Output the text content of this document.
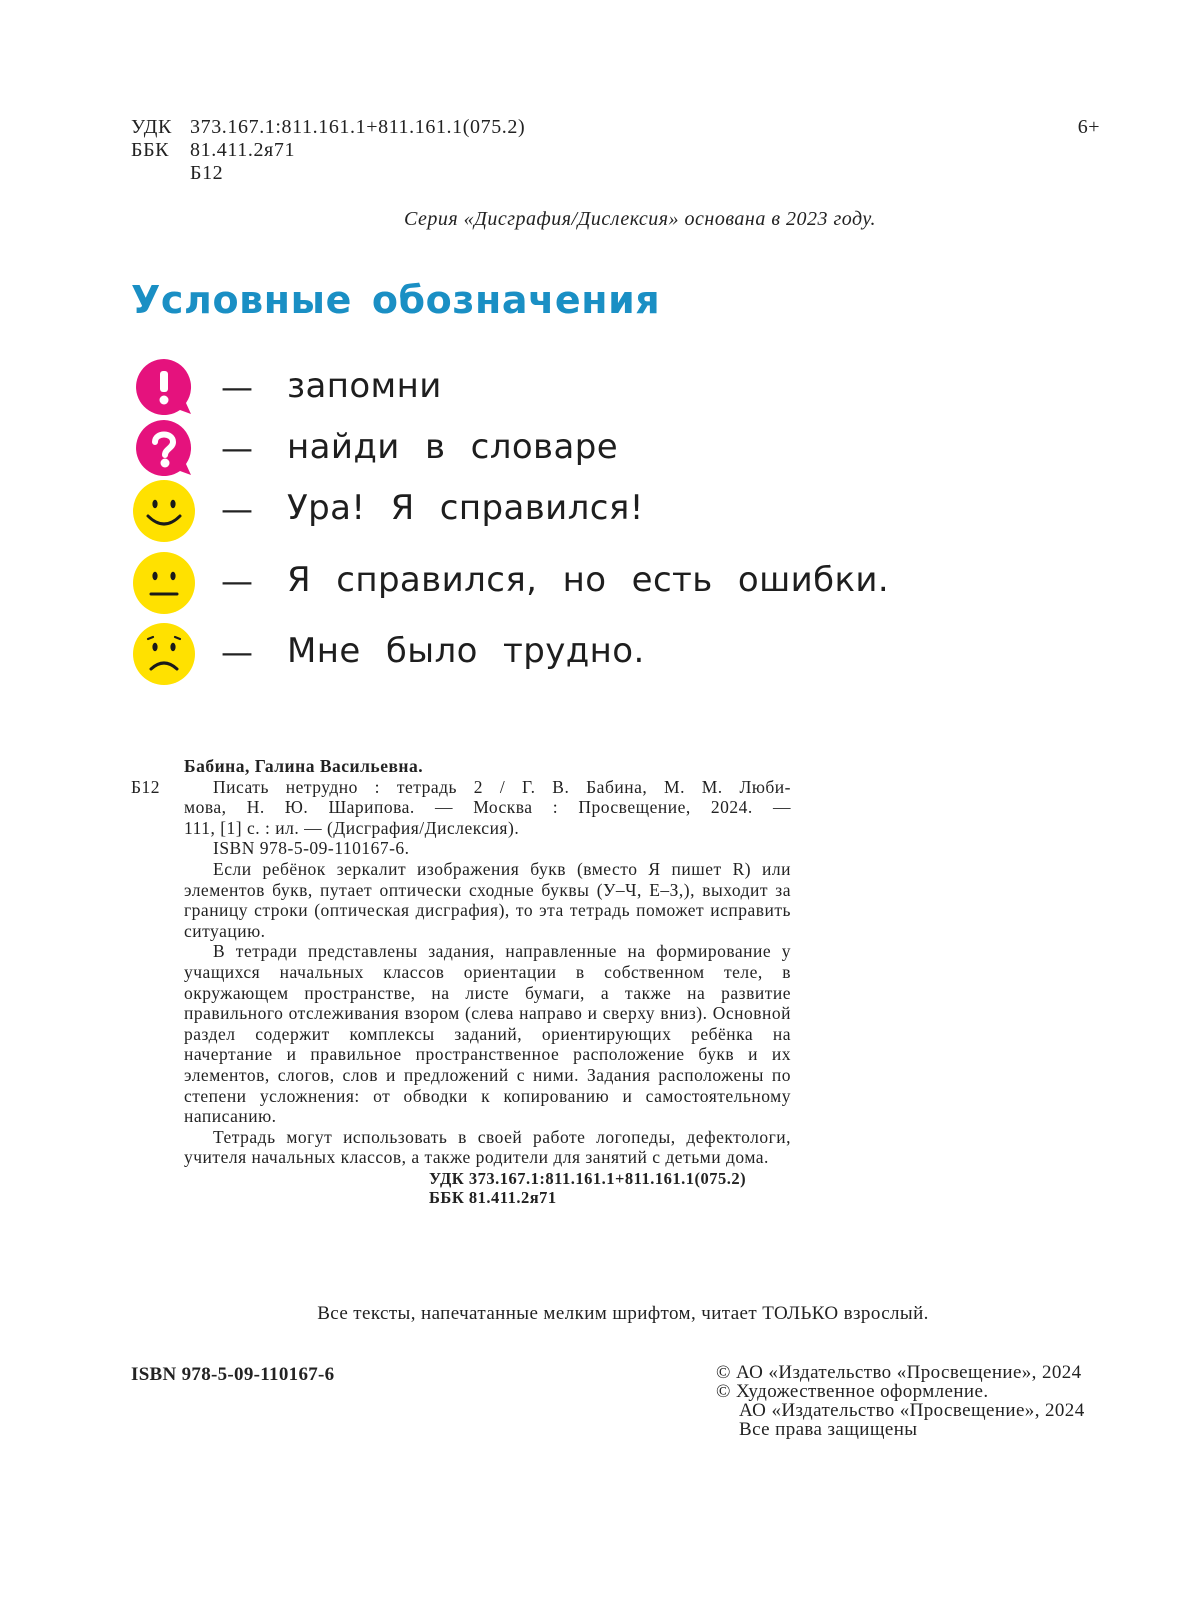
УДК 373.167.1:811.161.1+811.161.1(075.2)
ББК 81.411.2я71
Б12
6+
Серия «Дисграфия/Дислексия» основана в 2023 году.
Условные обозначения
— запомни
— найди в словаре
— Ура! Я справился!
— Я справился, но есть ошибки.
— Мне было трудно.
Бабина, Галина Васильевна.
Б12	Писать нетрудно : тетрадь 2 / Г. В. Бабина, М. М. Люби-

мова, Н. Ю. Шарипова. — Москва : Просвещение, 2024. —

111, [1] с. : ил. — (Дисграфия/Дислексия).

ISBN 978-5-09-110167-6.

Если ребёнок зеркалит изображения букв (вместо Я пишет R) или элементов букв, путает оптически сходные буквы (У–Ч, Е–З,), выходит за границу строки (оптическая дисграфия), то эта тетрадь поможет исправить ситуацию.

В тетради представлены задания, направленные на формирование у учащихся начальных классов ориентации в собственном теле, в окружающем пространстве, на листе бумаги, а также на развитие правильного отслеживания взором (слева направо и сверху вниз). Основной раздел содержит комплексы заданий, ориентирующих ребёнка на начертание и правильное пространственное расположение букв и их элементов, слогов, слов и предложений с ними. Задания расположены по степени усложнения: от обводки к копированию и самостоятельному написанию.

Тетрадь могут использовать в своей работе логопеды, дефектологи, учителя начальных классов, а также родители для занятий с детьми дома.

УДК 373.167.1:811.161.1+811.161.1(075.2)
ББК 81.411.2я71
Все тексты, напечатанные мелким шрифтом, читает ТОЛЬКО взрослый.
ISBN 978-5-09-110167-6	© АО «Издательство «Просвещение», 2024
© Художественное оформление.
АО «Издательство «Просвещение», 2024
Все права защищены
